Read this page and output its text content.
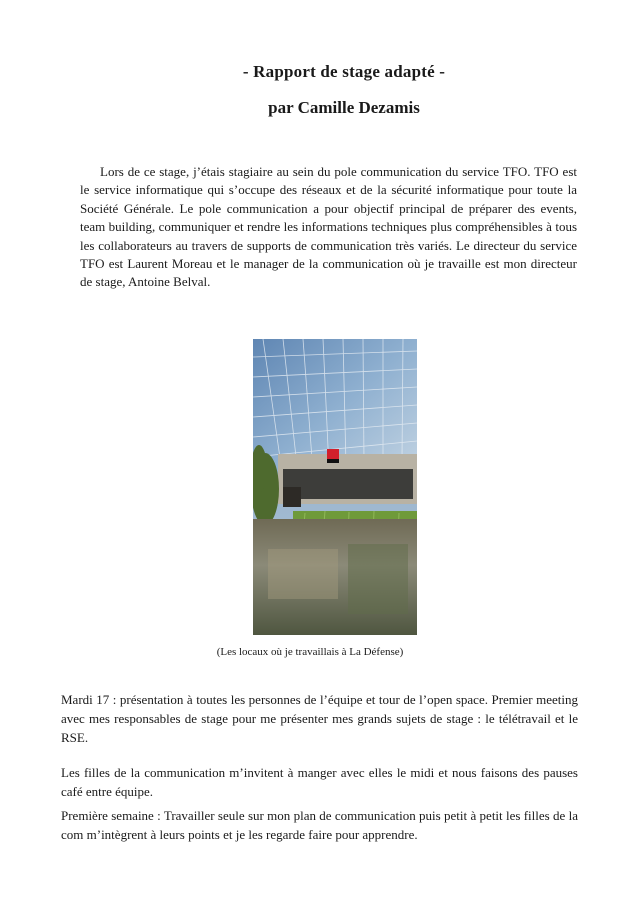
- Rapport de stage adapté -
par Camille Dezamis

Lors de ce stage, j’étais stagiaire au sein du pole communication du service TFO. TFO est le service informatique qui s’occupe des réseaux et de la sécurité informatique pour toute la Société Générale. Le pole communication a pour objectif principal de préparer des events, team building, communiquer et rendre les informations techniques plus compréhensibles à tous les collaborateurs au travers de supports de communication très variés. Le directeur du service TFO est Laurent Moreau et le manager de la communication où je travaille est mon directeur de stage, Antoine Belval.

(Les locaux où je travaillais à La Défense)

Mardi 17 : présentation à toutes les personnes de l’équipe et tour de l’open space. Premier meeting avec mes responsables de stage pour me présenter mes grands sujets de stage : le télétravail et le RSE.

Les filles de la communication m’invitent à manger avec elles le midi et nous faisons des pauses café entre équipe.

Première semaine : Travailler seule sur mon plan de communication puis petit à petit les filles de la com m’intègrent à leurs points et je les regarde faire pour apprendre.
